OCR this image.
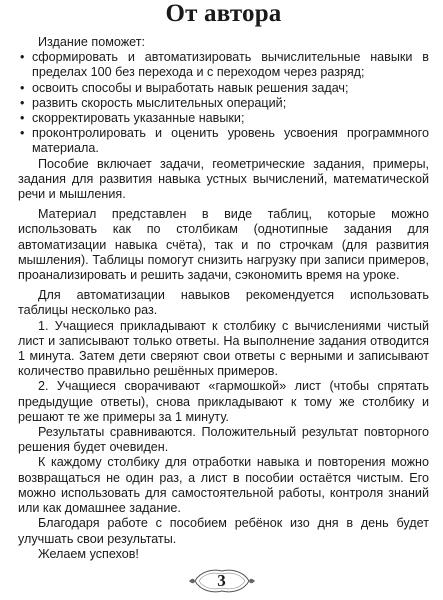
От автора

Издание поможет:

• сформировать и автоматизировать вычислительные навыки в пределах 100 без перехода и с переходом через разряд;
• освоить способы и выработать навык решения задач;
• развить скорость мыслительных операций;
• скорректировать указанные навыки;
• проконтролировать и оценить уровень усвоения программного материала.

Пособие включает задачи, геометрические задания, примеры, задания для развития навыка устных вычислений, математической речи и мышления.

Материал представлен в виде таблиц, которые можно использовать как по столбикам (однотипные задания для автоматизации навыка счёта), так и по строчкам (для развития мышления). Таблицы помогут снизить нагрузку при записи примеров, проанализировать и решить задачи, сэкономить время на уроке.

Для автоматизации навыков рекомендуется использовать таблицы несколько раз.

1. Учащиеся прикладывают к столбику с вычислениями чистый лист и записывают только ответы. На выполнение задания отводится 1 минута. Затем дети сверяют свои ответы с верными и записывают количество правильно решённых примеров.

2. Учащиеся сворачивают «гармошкой» лист (чтобы спрятать предыдущие ответы), снова прикладывают к тому же столбику и решают те же примеры за 1 минуту.

Результаты сравниваются. Положительный результат повторного решения будет очевиден.

К каждому столбику для отработки навыка и повторения можно возвращаться не один раз, а лист в пособии остаётся чистым. Его можно использовать для самостоятельной работы, контроля знаний или как домашнее задание.

Благодаря работе с пособием ребёнок изо дня в день будет улучшать свои результаты.

Желаем успехов!

3
